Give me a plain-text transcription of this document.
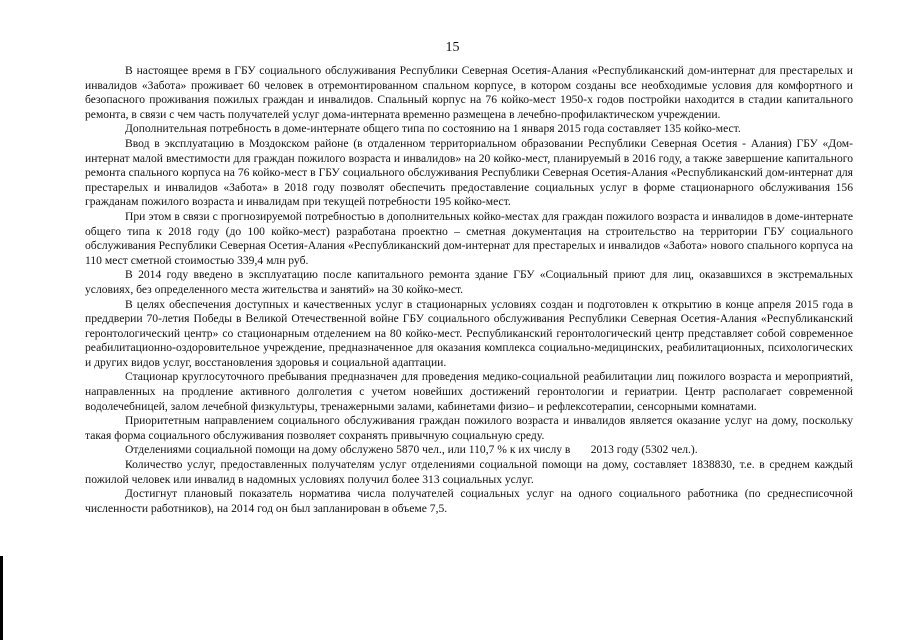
15

В настоящее время в ГБУ социального обслуживания Республики Северная Осетия-Алания «Республиканский дом-интернат для престарелых и инвалидов «Забота» проживает 60 человек в отремонтированном спальном корпусе, в котором созданы все необходимые условия для комфортного и безопасного проживания пожилых граждан и инвалидов. Спальный корпус на 76 койко-мест 1950-х годов постройки находится в стадии капитального ремонта, в связи с чем часть получателей услуг дома-интерната временно размещена в лечебно-профилактическом учреждении.

Дополнительная потребность в доме-интернате общего типа по состоянию на 1 января 2015 года составляет 135 койко-мест.

Ввод в эксплуатацию в Моздокском районе (в отдаленном территориальном образовании Республики Северная Осетия - Алания) ГБУ «Дом- интернат малой вместимости для граждан пожилого возраста и инвалидов» на 20 койко-мест, планируемый в 2016 году, а также завершение капитального ремонта спального корпуса на 76 койко-мест в ГБУ социального обслуживания Республики Северная Осетия-Алания «Республиканский дом-интернат для престарелых и инвалидов «Забота» в 2018 году позволят обеспечить предоставление социальных услуг в форме стационарного обслуживания 156 гражданам пожилого возраста и инвалидам при текущей потребности 195 койко-мест.

При этом в связи с прогнозируемой потребностью в дополнительных койко-местах для граждан пожилого возраста и инвалидов в доме-интернате общего типа к 2018 году (до 100 койко-мест) разработана проектно – сметная документация на строительство на территории ГБУ социального обслуживания Республики Северная Осетия-Алания «Республиканский дом-интернат для престарелых и инвалидов «Забота» нового спального корпуса на 110 мест сметной стоимостью 339,4 млн руб.

В 2014 году введено в эксплуатацию после капитального ремонта здание ГБУ «Социальный приют для лиц, оказавшихся в экстремальных условиях, без определенного места жительства и занятий» на 30 койко-мест.

В целях обеспечения доступных и качественных услуг в стационарных условиях создан и подготовлен к открытию в конце апреля 2015 года в преддверии 70-летия Победы в Великой Отечественной войне ГБУ социального обслуживания Республики Северная Осетия-Алания «Республиканский геронтологический центр» со стационарным отделением на 80 койко-мест. Республиканский геронтологический центр представляет собой современное реабилитационно-оздоровительное учреждение, предназначенное для оказания комплекса социально-медицинских, реабилитационных, психологических и других видов услуг, восстановления здоровья и социальной адаптации.

Стационар круглосуточного пребывания предназначен для проведения медико-социальной реабилитации лиц пожилого возраста и мероприятий, направленных на продление активного долголетия с учетом новейших достижений геронтологии и гериатрии. Центр располагает современной водолечебницей, залом лечебной физкультуры, тренажерными залами, кабинетами физио– и рефлексотерапии, сенсорными комнатами.

Приоритетным направлением социального обслуживания граждан пожилого возраста и инвалидов является оказание услуг на дому, поскольку такая форма социального обслуживания позволяет сохранять привычную социальную среду.

Отделениями социальной помощи на дому обслужено 5870 чел., или 110,7 % к их числу в       2013 году (5302 чел.).

Количество услуг, предоставленных получателям услуг отделениями социальной помощи на дому, составляет 1838830, т.е. в среднем каждый пожилой человек или инвалид в надомных условиях получил более 313 социальных услуг.

Достигнут плановый показатель норматива числа получателей социальных услуг на одного социального работника (по среднесписочной численности работников), на 2014 год он был запланирован в объеме 7,5.
